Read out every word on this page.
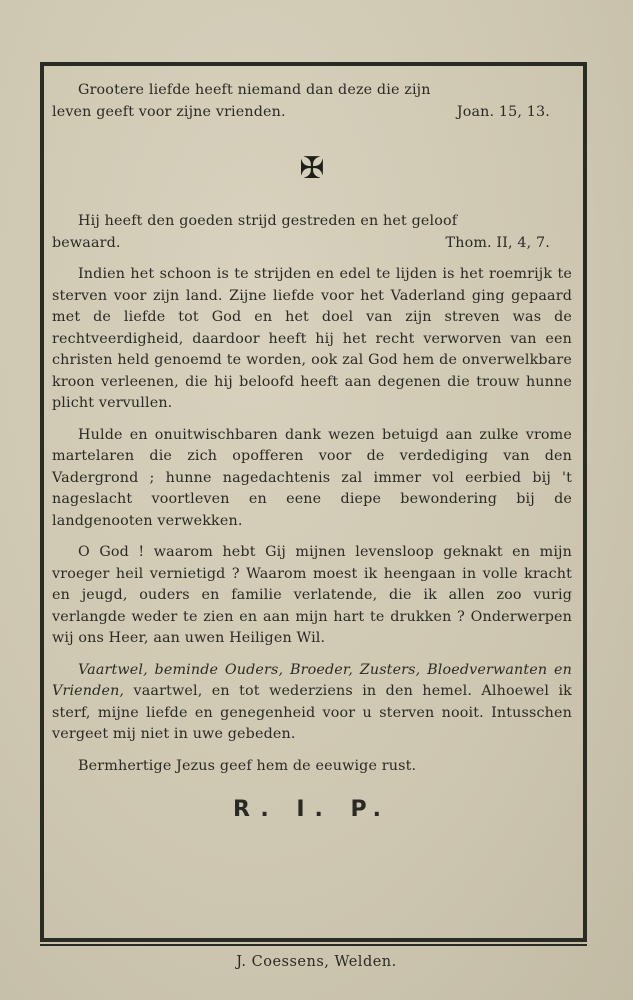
Grootere liefde heeft niemand dan deze die zijn

leven geeft voor zijne vrienden.	Joan. 15, 13.
✠

Hij heeft den goeden strijd gestreden en het geloof

bewaard.	Thom. II, 4, 7.

Indien het schoon is te strijden en edel te lijden is het roemrijk te sterven voor zijn land. Zijne liefde voor het Vaderland ging gepaard met de liefde tot God en het doel van zijn streven was de rechtveerdigheid, daardoor heeft hij het recht verworven van een christen held genoemd te worden, ook zal God hem de onverwelkbare kroon verleenen, die hij beloofd heeft aan degenen die trouw hunne plicht vervullen.

Hulde en onuitwischbaren dank wezen betuigd aan zulke vrome martelaren die zich opofferen voor de verdediging van den Vadergrond ; hunne nagedachtenis zal immer vol eerbied bij 't nageslacht voortleven en eene diepe bewondering bij de landgenooten verwekken.

O God ! waarom hebt Gij mijnen levensloop geknakt en mijn vroeger heil vernietigd ? Waarom moest ik heengaan in volle kracht en jeugd, ouders en familie verlatende, die ik allen zoo vurig verlangde weder te zien en aan mijn hart te drukken ? Onderwerpen wij ons Heer, aan uwen Heiligen Wil.

Vaartwel, beminde Ouders, Broeder, Zusters, Bloedverwanten en Vrienden, vaartwel, en tot wederziens in den hemel. Alhoewel ik sterf, mijne liefde en genegenheid voor u sterven nooit. Intusschen vergeet mij niet in uwe gebeden.

Bermhertige Jezus geef hem de eeuwige rust.

R. I. P.
J. Coessens, Welden.
